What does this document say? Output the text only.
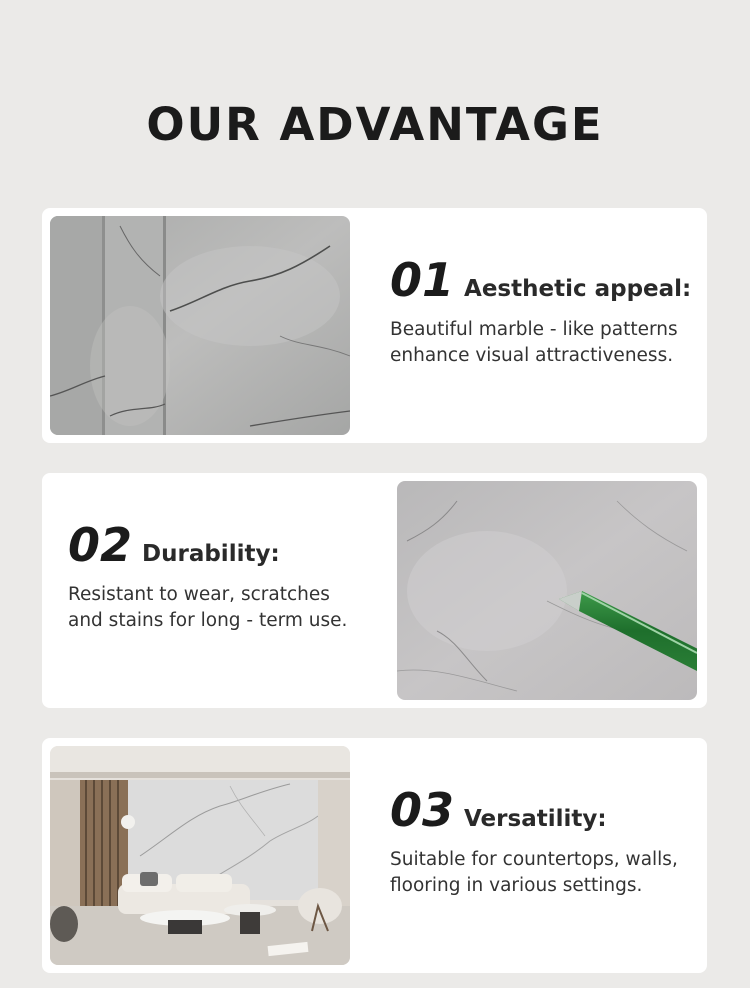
OUR ADVANTAGE
01 Aesthetic appeal:
Beautiful marble - like patterns enhance visual attractiveness.
02 Durability:
Resistant to wear, scratches and stains for long - term use.
03 Versatility:
Suitable for countertops, walls, flooring in various settings.
